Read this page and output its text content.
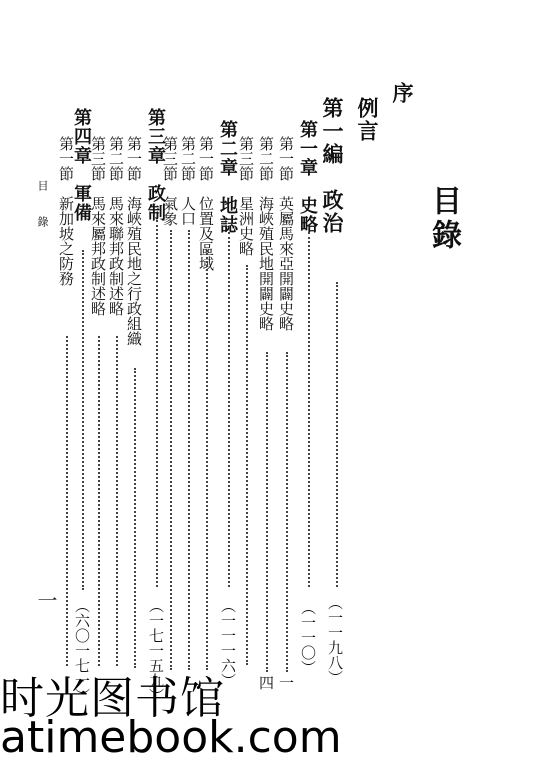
目錄
序
例言
第一編　政治
（一一九八）
第一章　史略
（一一〇）
第一節　英屬馬來亞開闢史略
一
第二節　海峽殖民地開闢史略
四
第三節　星洲史略
第二章　地誌
（一一一六）
第一節　位置及區域
第二節　人口
第三節　氣象
第三章　政制
（一七一五九）
第一節　海峽殖民地之行政組織
第二節　馬來聯邦政制述略
第三節　馬來屬邦政制述略
第四章　軍備
（六〇一七一）
第一節　新加坡之防務
目 錄
一
时光图书馆
atimebook.com
